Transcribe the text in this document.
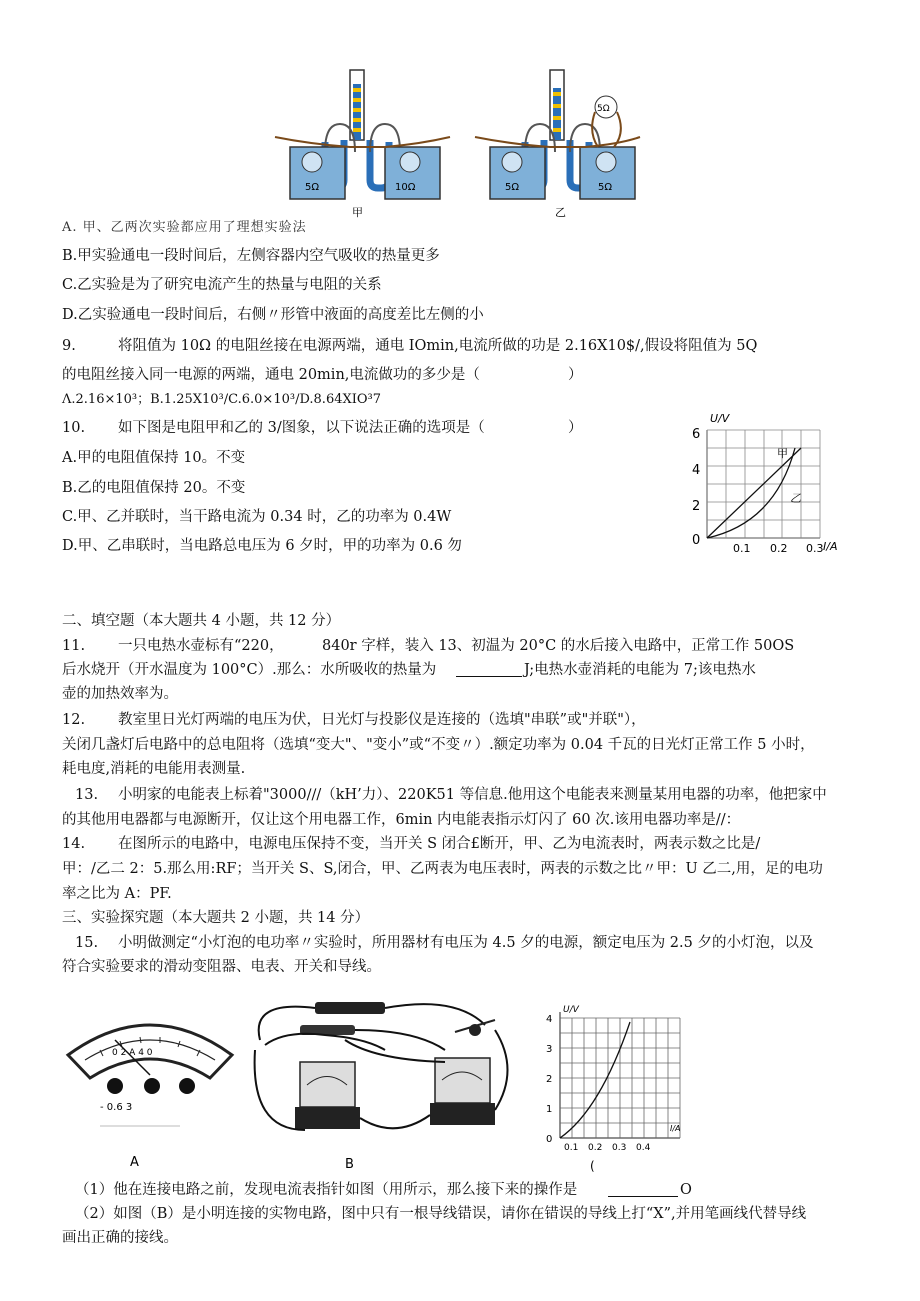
5Ω	10Ω
甲
5Ω
5Ω	5Ω
乙
A. 甲、乙两次实验都应用了理想实验法
B.甲实验通电一段时间后，左侧容器内空气吸收的热量更多
C.乙实验是为了研究电流产生的热量与电阻的关系
D.乙实验通电一段时间后，右侧〃形管中液面的高度差比左侧的小
9.	将阻值为 10Ω 的电阻丝接在电源两端，通电 IOmin,电流所做的功是 2.16X10$/,假设将阻值为 5Q
的电阻丝接入同一电源的两端，通电 20min,电流做功的多少是（	）
Λ.2.16×10³；B.1.25X10³/C.6.0×10³/D.8.64XIO³7
10. 如下图是电阻甲和乙的 3/图象，以下说法正确的选项是（	）
A.甲的电阻值保持 10。不变
B.乙的电阻值保持 20。不变
C.甲、乙并联时，当干路电流为 0.34 时，乙的功率为 0.4W
D.甲、乙串联时，当电路总电压为 6 夕时，甲的功率为 0.6 勿
U/V
I/A
6
4
2
0
0.1 0.2 0.3
甲
乙
二、填空题（本大题共 4 小题，共 12 分）
11. 一只电热水壶标有“220，	840r 字样，装入 13、初温为 20°C 的水后接入电路中，正常工作 50OS
后水烧开（开水温度为 100°C）.那么：水所吸收的热量为	J;电热水壶消耗的电能为 7;该电热水
壶的加热效率为。
12. 教室里日光灯两端的电压为伏，日光灯与投影仪是连接的（选填"串联”或"并联"），
关闭几盏灯后电路中的总电阻将（选填“变大"、"变小”或“不变〃）.额定功率为 0.04 千瓦的日光灯正常工作 5 小时，
耗电度,消耗的电能用表测量.
13. 小明家的电能表上标着"3000∕∕/（kH’力）、220K51 等信息.他用这个电能表来测量某用电器的功率，他把家中
的其他用电器都与电源断开，仅让这个用电器工作，6min 内电能表指示灯闪了 60 次.该用电器功率是//：
14. 在图所示的电路中，电源电压保持不变，当开关 S 闭合£断开，甲、乙为电流表时，两表示数之比是/
甲：/乙二 2：5.那么用:RF；当开关 S、S,闭合，甲、乙两表为电压表时，两表的示数之比〃甲：U 乙二,用，足的电功
率之比为 A：PF.
三、实验探究题（本大题共 2 小题，共 14 分）
15. 小明做测定“小灯泡的电功率〃实验时，所用器材有电压为 4.5 夕的电源，额定电压为 2.5 夕的小灯泡，以及
符合实验要求的滑动变阻器、电表、开关和导线。
0 2 A 4 0
- 0.6 3
A	B
U/V
I/A
4
3
2
1
0
0.1 0.2 0.3 0.4
(
（1）他在连接电路之前，发现电流表指针如图（用所示，那么接下来的操作是	O
（2）如图（B）是小明连接的实物电路，图中只有一根导线错误，请你在错误的导线上打“X”,并用笔画线代替导线
画出正确的接线。
